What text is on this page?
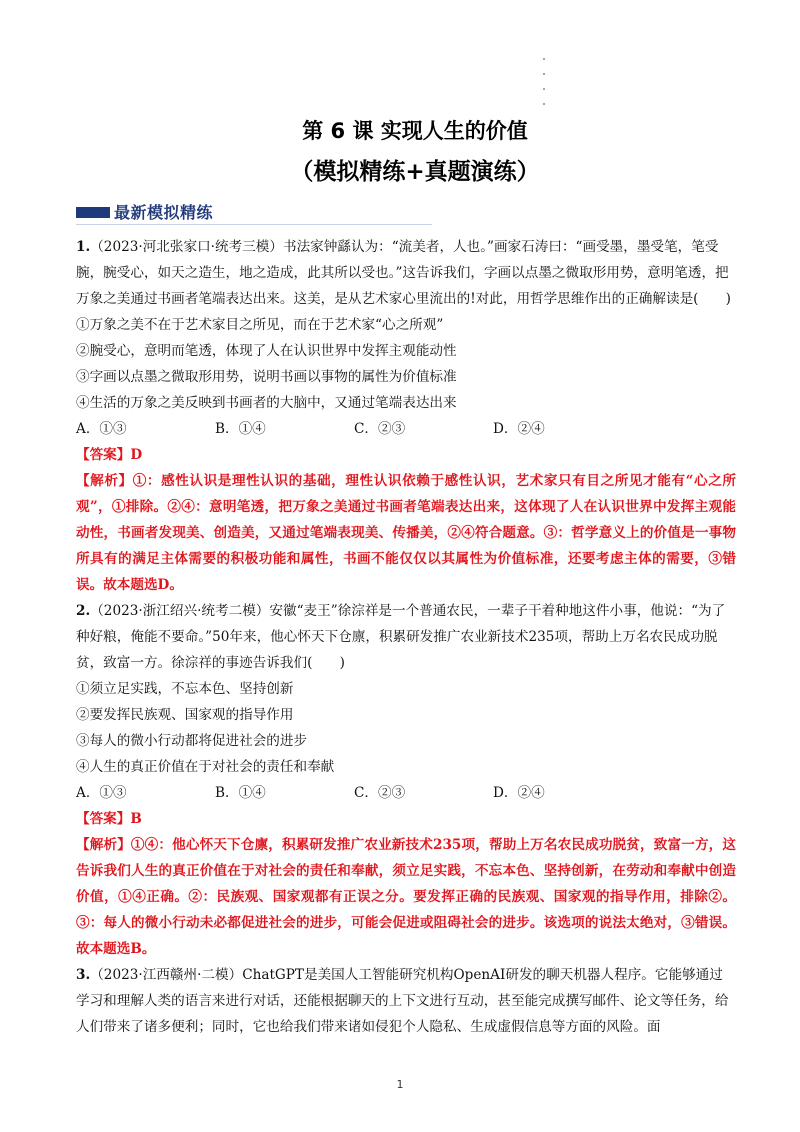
第 6 课 实现人生的价值
（模拟精练+真题演练）
最新模拟精练

1.（2023·河北张家口·统考三模）书法家钟繇认为：“流美者，人也。”画家石涛曰：“画受墨，墨受笔，笔受腕，腕受心，如天之造生，地之造成，此其所以受也。”这告诉我们，字画以点墨之微取形用势，意明笔透，把万象之美通过书画者笔端表达出来。这美，是从艺术家心里流出的!对此，用哲学思维作出的正确解读是(　　)

①万象之美不在于艺术家目之所见，而在于艺术家“心之所观”

②腕受心，意明而笔透，体现了人在认识世界中发挥主观能动性

③字画以点墨之微取形用势，说明书画以事物的属性为价值标准

④生活的万象之美反映到书画者的大脑中，又通过笔端表达出来

A．①③	B．①④	C．②③	D．②④

【答案】D

【解析】①：感性认识是理性认识的基础，理性认识依赖于感性认识，艺术家只有目之所见才能有“心之所观”，①排除。②④：意明笔透，把万象之美通过书画者笔端表达出来，这体现了人在认识世界中发挥主观能动性，书画者发现美、创造美，又通过笔端表现美、传播美，②④符合题意。③：哲学意义上的价值是一事物所具有的满足主体需要的积极功能和属性，书画不能仅仅以其属性为价值标准，还要考虑主体的需要，③错误。故本题选D。

2.（2023·浙江绍兴·统考二模）安徽“麦王”徐淙祥是一个普通农民，一辈子干着种地这件小事，他说：“为了种好粮，俺能不要命。”50年来，他心怀天下仓廪，积累研发推广农业新技术235项，帮助上万名农民成功脱贫，致富一方。徐淙祥的事迹告诉我们(　　)

①须立足实践，不忘本色、坚持创新

②要发挥民族观、国家观的指导作用

③每人的微小行动都将促进社会的进步

④人生的真正价值在于对社会的责任和奉献

A．①③	B．①④	C．②③	D．②④

【答案】B

【解析】①④：他心怀天下仓廪，积累研发推广农业新技术235项，帮助上万名农民成功脱贫，致富一方，这告诉我们人生的真正价值在于对社会的责任和奉献，须立足实践，不忘本色、坚持创新，在劳动和奉献中创造价值，①④正确。②：民族观、国家观都有正误之分。要发挥正确的民族观、国家观的指导作用，排除②。③：每人的微小行动未必都促进社会的进步，可能会促进或阻碍社会的进步。该选项的说法太绝对，③错误。故本题选B。

3.（2023·江西赣州·二模）ChatGPT是美国人工智能研究机构OpenAI研发的聊天机器人程序。它能够通过学习和理解人类的语言来进行对话，还能根据聊天的上下文进行互动，甚至能完成撰写邮件、论文等任务，给人们带来了诸多便利；同时，它也给我们带来诸如侵犯个人隐私、生成虚假信息等方面的风险。面

1
